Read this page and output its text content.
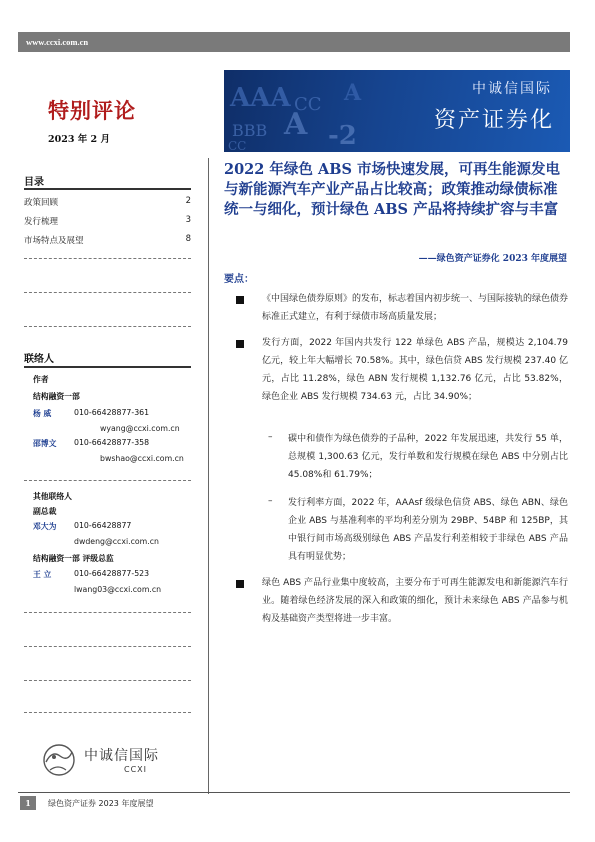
www.ccxi.com.cn
特别评论
2023 年 2 月
AAA
A
BBB
CC
-2
CC
A	中诚信国际
资产证券化
目录
政策回顾	2
发行梳理	3
市场特点及展望	8
联络人
作者
结构融资一部
杨 威	010-66428877-361
wyang@ccxi.com.cn
邵博文 010-66428877-358
bwshao@ccxi.com.cn
其他联络人
副总裁
邓大为 010-66428877
dwdeng@ccxi.com.cn
结构融资一部 评级总监
王 立	010-66428877-523
lwang03@ccxi.com.cn
中诚信国际
CCXI
2022 年绿色 ABS 市场快速发展，可再生能源发电与新能源汽车产业产品占比较高；政策推动绿债标准统一与细化，预计绿色 ABS 产品将持续扩容与丰富
——绿色资产证券化 2023 年度展望
要点：
《中国绿色债券原则》的发布，标志着国内初步统一、与国际接轨的绿色债券标准正式建立，有利于绿债市场高质量发展；
发行方面，2022 年国内共发行 122 单绿色 ABS 产品，规模达 2,104.79 亿元，较上年大幅增长 70.58%。其中，绿色信贷 ABS 发行规模 237.40 亿元，占比 11.28%，绿色 ABN 发行规模 1,132.76 亿元，占比 53.82%，绿色企业 ABS 发行规模 734.63 元，占比 34.90%；
– 碳中和债作为绿色债券的子品种，2022 年发展迅速，共发行 55 单，总规模 1,300.63 亿元，发行单数和发行规模在绿色 ABS 中分别占比 45.08%和 61.79%；
– 发行利率方面，2022 年，AAAsf 级绿色信贷 ABS、绿色 ABN、绿色企业 ABS 与基准利率的平均利差分别为 29BP、54BP 和 125BP，其中银行间市场高级别绿色 ABS 产品发行利差相较于非绿色 ABS 产品具有明显优势；
绿色 ABS 产品行业集中度较高，主要分布于可再生能源发电和新能源汽车行业。随着绿色经济发展的深入和政策的细化，预计未来绿色 ABS 产品参与机构及基础资产类型将进一步丰富。
1	绿色资产证券 2023 年度展望
